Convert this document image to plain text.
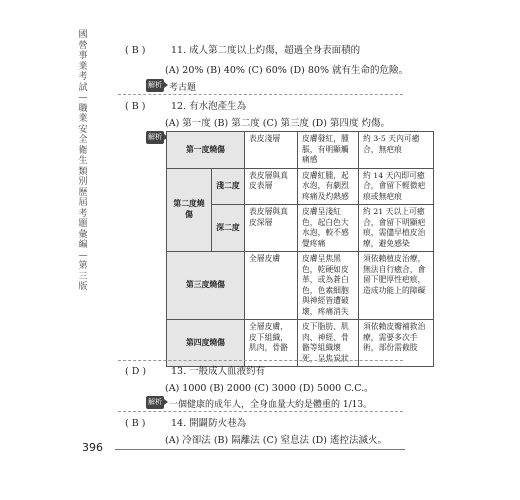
國營事業考試—職業安全衛生類別歷屆考題彙編—第三版
( B )	11. 成人第二度以上灼傷，超過全身表面積的
(A) 20% (B) 40% (C) 60% (D) 80% 就有生命的危險。
解析 考古題
( B )	12. 有水泡產生為
(A) 第一度 (B) 第二度 (C) 第三度 (D) 第四度 灼傷。
解析
第一度燒傷		表皮淺層	皮膚發紅，腫脹，有明顯觸痛感	約 3-5 天內可癒合，無疤痕
第二度燒傷	淺二度	表皮層與真皮表層	皮膚紅腫，起水泡，有劇烈疼痛及灼熱感	約 14 天內即可癒合，會留下輕微疤痕或無疤痕
	深二度	表皮層與真皮深層	皮膚呈淺紅色，起白色大水泡，較不感覺疼痛	約 21 天以上可癒合，會留下明顯疤痕，需儘早植皮治療，避免感染
第三度燒傷		全層皮膚	皮膚呈焦黑色，乾硬如皮革，或為蒼白色，色素細胞與神經皆遭破壞，疼痛消失	須依賴植皮治療，無法自行癒合，會留下肥厚性疤痕，造成功能上的障礙
第四度燒傷		全層皮膚，皮下組織，肌肉，骨骼	皮下脂肪、肌肉、神經、骨骼等組織壞死，呈焦炭狀	須依賴皮瓣補救治療，需要多次手術，部份需截肢
( D )	13. 一般成人血液約有
(A) 1000 (B) 2000 (C) 3000 (D) 5000 C.C.。
解析 一個健康的成年人，全身血量大約是體重的 1/13。
( B )	14. 開闢防火巷為
(A) 冷卻法 (B) 隔離法 (C) 窒息法 (D) 遙控法滅火。
396
